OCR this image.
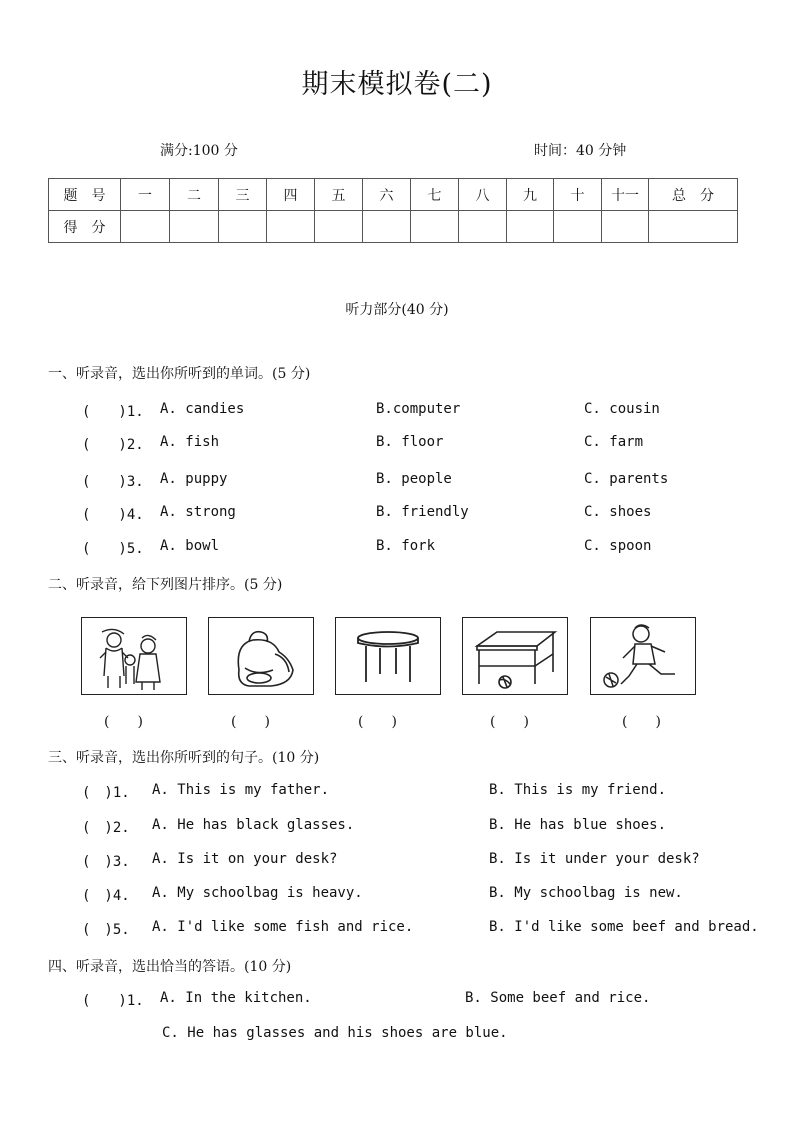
期末模拟卷(二)
满分:100 分	时间：40 分钟
题　号	一	二	三	四	五	六	七	八	九	十	十一	总　分
得　分												
听力部分(40 分)
一、听录音，选出你所听到的单词。(5 分)
(　　)1. A. candies	B.computer	C. cousin
(　　)2. A. fish	B. floor	C. farm
(　　)3. A. puppy	B. people	C. parents
(　　)4. A. strong	B. friendly	C. shoes
(　　)5. A. bowl	B. fork	C. spoon
二、听录音，给下列图片排序。(5 分)
(　　)	(　　)	(　　)	(　　)	(　　)
三、听录音，选出你所听到的句子。(10 分)
(　)1. A. This is my father.	B. This is my friend.
(　)2. A. He has black glasses.	B. He has blue shoes.
(　)3. A. Is it on your desk?	B. Is it under your desk?
(　)4. A. My schoolbag is heavy.	B. My schoolbag is new.
(　)5. A. I'd like some fish and rice.	B. I'd like some beef and bread.
四、听录音，选出恰当的答语。(10 分)
(　　)1. A. In the kitchen.	B. Some beef and rice.
C. He has glasses and his shoes are blue.
